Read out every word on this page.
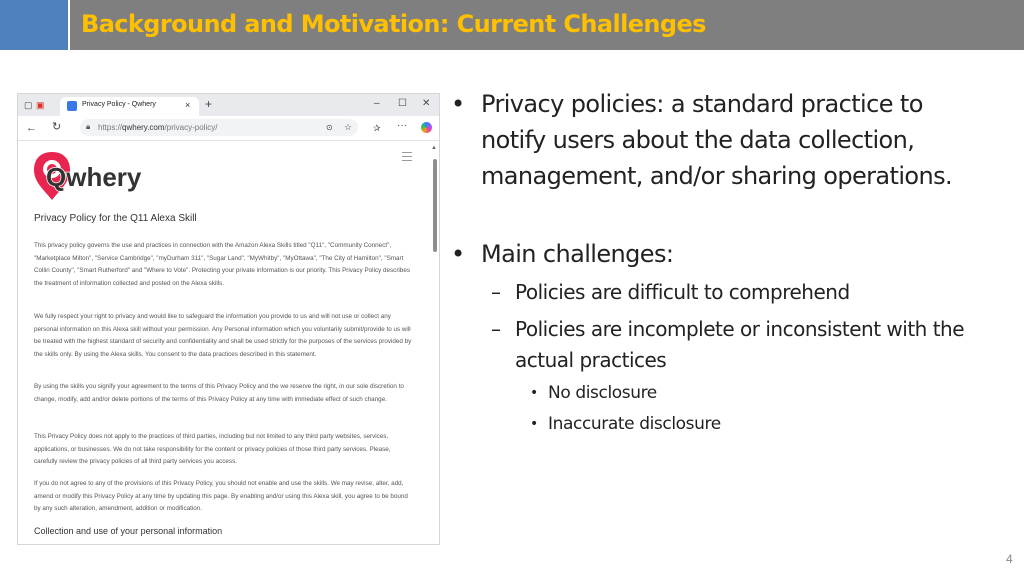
Background and Motivation: Current Challenges
▢ ▣	Privacy Policy - Qwhery	× +	– ☐ ✕
← ↻	🔒︎ https://qwhery.com/privacy-policy/	⊙ ☆ ✰ ···
Qwhery
▲
Privacy Policy for the Q11 Alexa Skill
This privacy policy governs the use and practices in connection with the Amazon Alexa Skills titled "Q11", "Community Connect", "Marketplace Milton", "Service Cambridge", "myDurham 311", "Sugar Land", "MyWhitby", "MyOttawa", "The City of Hamilton", "Smart Collin County", "Smart Rutherford" and "Where to Vote". Protecting your private information is our priority. This Privacy Policy describes the treatment of information collected and posted on the Alexa skills.
We fully respect your right to privacy and would like to safeguard the information you provide to us and will not use or collect any personal information on this Alexa skill without your permission. Any Personal information which you voluntarily submit/provide to us will be treated with the highest standard of security and confidentiality and shall be used strictly for the purposes of the services provided by the skills only. By using the Alexa skills, You consent to the data practices described in this statement.
By using the skills you signify your agreement to the terms of this Privacy Policy and the we reserve the right, in our sole discretion to change, modify, add and/or delete portions of the terms of this Privacy Policy at any time with immediate effect of such change.
This Privacy Policy does not apply to the practices of third parties, including but not limited to any third party websites, services, applications, or businesses. We do not take responsibility for the content or privacy policies of those third party services. Please, carefully review the privacy policies of all third party services you access.
If you do not agree to any of the provisions of this Privacy Policy, you should not enable and use the skills. We may revise, alter, add, amend or modify this Privacy Policy at any time by updating this page. By enabling and/or using this Alexa skill, you agree to be bound by any such alteration, amendment, addition or modification.
Collection and use of your personal information
• Privacy policies: a standard practice to notify users about the data collection, management, and/or sharing operations.
• Main challenges:
– Policies are difficult to comprehend
– Policies are incomplete or inconsistent with the actual practices
• No disclosure
• Inaccurate disclosure
4
